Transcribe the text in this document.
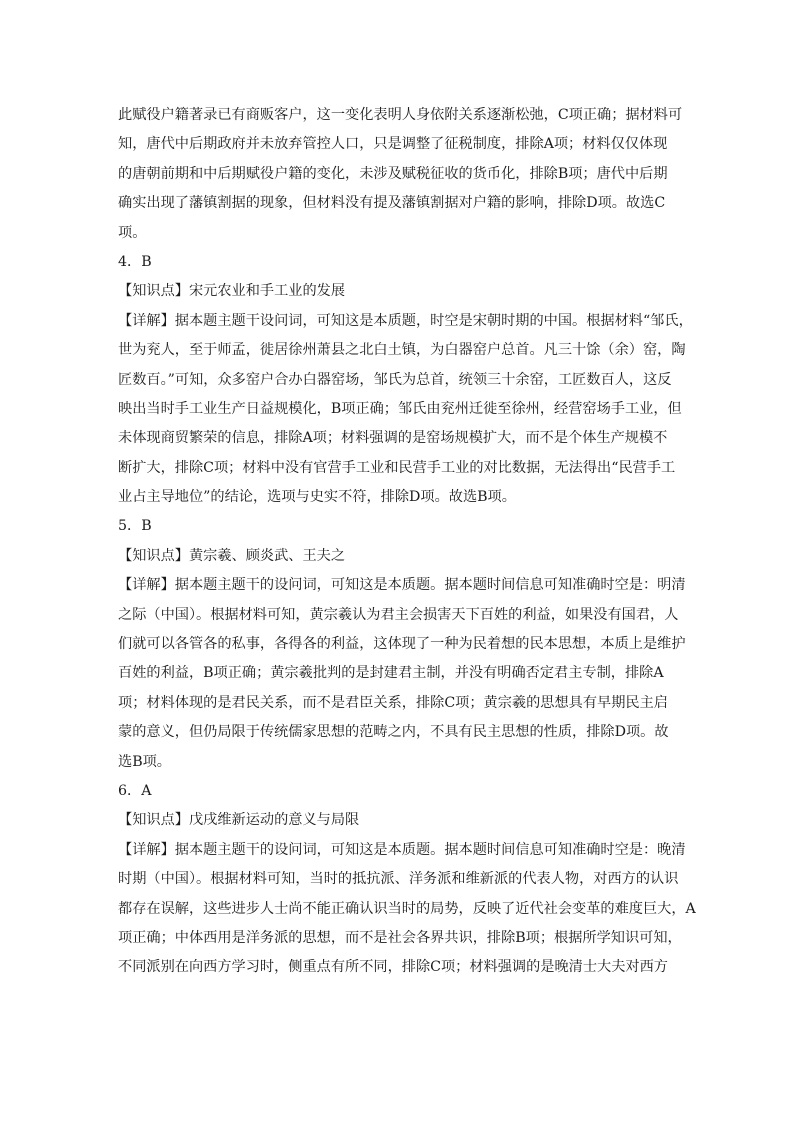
此赋役户籍著录已有商贩客户，这一变化表明人身依附关系逐渐松弛，C项正确；据材料可
知，唐代中后期政府并未放弃管控人口，只是调整了征税制度，排除A项；材料仅仅体现
的唐朝前期和中后期赋役户籍的变化，未涉及赋税征收的货币化，排除B项；唐代中后期
确实出现了藩镇割据的现象，但材料没有提及藩镇割据对户籍的影响，排除D项。故选C
项。
4．B
【知识点】宋元农业和手工业的发展
【详解】据本题主题干设问词，可知这是本质题，时空是宋朝时期的中国。根据材料“邹氏，
世为兖人，至于师孟，徙居徐州萧县之北白土镇，为白器窑户总首。凡三十馀（余）窑，陶
匠数百。”可知，众多窑户合办白器窑场，邹氏为总首，统领三十余窑，工匠数百人，这反
映出当时手工业生产日益规模化，B项正确；邹氏由兖州迁徙至徐州，经营窑场手工业，但
未体现商贸繁荣的信息，排除A项；材料强调的是窑场规模扩大，而不是个体生产规模不
断扩大，排除C项；材料中没有官营手工业和民营手工业的对比数据，无法得出“民营手工
业占主导地位”的结论，选项与史实不符，排除D项。故选B项。
5．B
【知识点】黄宗羲、顾炎武、王夫之
【详解】据本题主题干的设问词，可知这是本质题。据本题时间信息可知准确时空是：明清
之际（中国）。根据材料可知，黄宗羲认为君主会损害天下百姓的利益，如果没有国君，人
们就可以各管各的私事，各得各的利益，这体现了一种为民着想的民本思想，本质上是维护
百姓的利益，B项正确；黄宗羲批判的是封建君主制，并没有明确否定君主专制，排除A
项；材料体现的是君民关系，而不是君臣关系，排除C项；黄宗羲的思想具有早期民主启
蒙的意义，但仍局限于传统儒家思想的范畴之内，不具有民主思想的性质，排除D项。故
选B项。
6．A
【知识点】戊戌维新运动的意义与局限
【详解】据本题主题干的设问词，可知这是本质题。据本题时间信息可知准确时空是：晚清
时期（中国）。根据材料可知，当时的抵抗派、洋务派和维新派的代表人物，对西方的认识
都存在误解，这些进步人士尚不能正确认识当时的局势，反映了近代社会变革的难度巨大，A
项正确；中体西用是洋务派的思想，而不是社会各界共识，排除B项；根据所学知识可知，
不同派别在向西方学习时，侧重点有所不同，排除C项；材料强调的是晚清士大夫对西方
